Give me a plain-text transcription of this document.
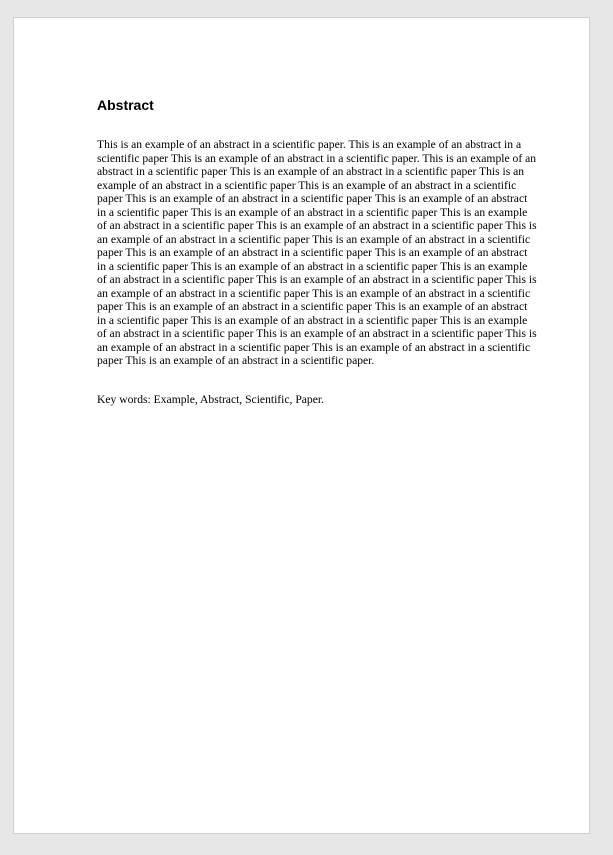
Abstract
This is an example of an abstract in a scientific paper. This is an example of an abstract in a scientific paper This is an example of an abstract in a scientific paper. This is an example of an abstract in a scientific paper This is an example of an abstract in a scientific paper This is an example of an abstract in a scientific paper This is an example of an abstract in a scientific paper This is an example of an abstract in a scientific paper This is an example of an abstract in a scientific paper This is an example of an abstract in a scientific paper This is an example of an abstract in a scientific paper This is an example of an abstract in a scientific paper This is an example of an abstract in a scientific paper This is an example of an abstract in a scientific paper This is an example of an abstract in a scientific paper This is an example of an abstract in a scientific paper This is an example of an abstract in a scientific paper This is an example of an abstract in a scientific paper This is an example of an abstract in a scientific paper This is an example of an abstract in a scientific paper This is an example of an abstract in a scientific paper This is an example of an abstract in a scientific paper This is an example of an abstract in a scientific paper This is an example of an abstract in a scientific paper This is an example of an abstract in a scientific paper This is an example of an abstract in a scientific paper This is an example of an abstract in a scientific paper This is an example of an abstract in a scientific paper This is an example of an abstract in a scientific paper.
Key words: Example, Abstract, Scientific, Paper.
